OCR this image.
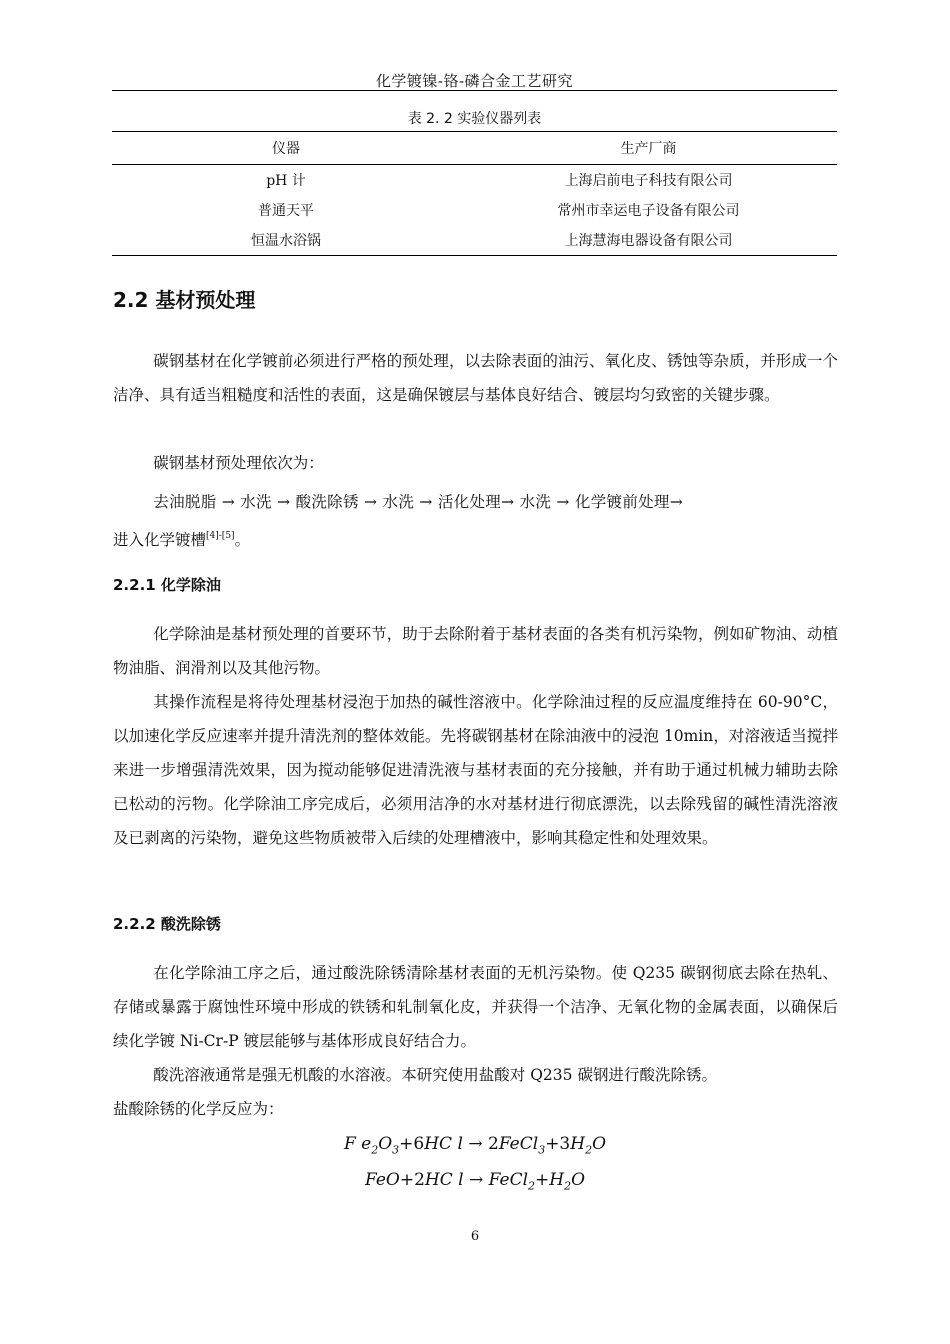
化学镀镍-铬-磷合金工艺研究
表 2. 2 实验仪器列表
仪器	生产厂商
pH 计	上海启前电子科技有限公司
普通天平	常州市幸运电子设备有限公司
恒温水浴锅	上海慧海电器设备有限公司
2.2 基材预处理

碳钢基材在化学镀前必须进行严格的预处理，以去除表面的油污、氧化皮、锈蚀等杂质，并形成一个洁净、具有适当粗糙度和活性的表面，这是确保镀层与基体良好结合、镀层均匀致密的关键步骤。

碳钢基材预处理依次为：

去油脱脂 → 水洗 → 酸洗除锈 → 水洗 → 活化处理→ 水洗 → 化学镀前处理→

进入化学镀槽[4]-[5]。

2.2.1 化学除油

化学除油是基材预处理的首要环节，助于去除附着于基材表面的各类有机污染物，例如矿物油、动植物油脂、润滑剂以及其他污物。

其操作流程是将待处理基材浸泡于加热的碱性溶液中。化学除油过程的反应温度维持在 60-90°C，以加速化学反应速率并提升清洗剂的整体效能。先将碳钢基材在除油液中的浸泡 10min，对溶液适当搅拌来进一步增强清洗效果，因为搅动能够促进清洗液与基材表面的充分接触，并有助于通过机械力辅助去除已松动的污物。化学除油工序完成后，必须用洁净的水对基材进行彻底漂洗，以去除残留的碱性清洗溶液及已剥离的污染物，避免这些物质被带入后续的处理槽液中，影响其稳定性和处理效果。

2.2.2 酸洗除锈

在化学除油工序之后，通过酸洗除锈清除基材表面的无机污染物。使 Q235 碳钢彻底去除在热轧、存储或暴露于腐蚀性环境中形成的铁锈和轧制氧化皮，并获得一个洁净、无氧化物的金属表面，以确保后续化学镀 Ni-Cr-P 镀层能够与基体形成良好结合力。

酸洗溶液通常是强无机酸的水溶液。本研究使用盐酸对 Q235 碳钢进行酸洗除锈。

盐酸除锈的化学反应为：

F $e_2O_3+6HC$ $l \to 2FeCl_3+3H_2O$
FeO+2HC $l \to FeCl_2+H_2O$
6
